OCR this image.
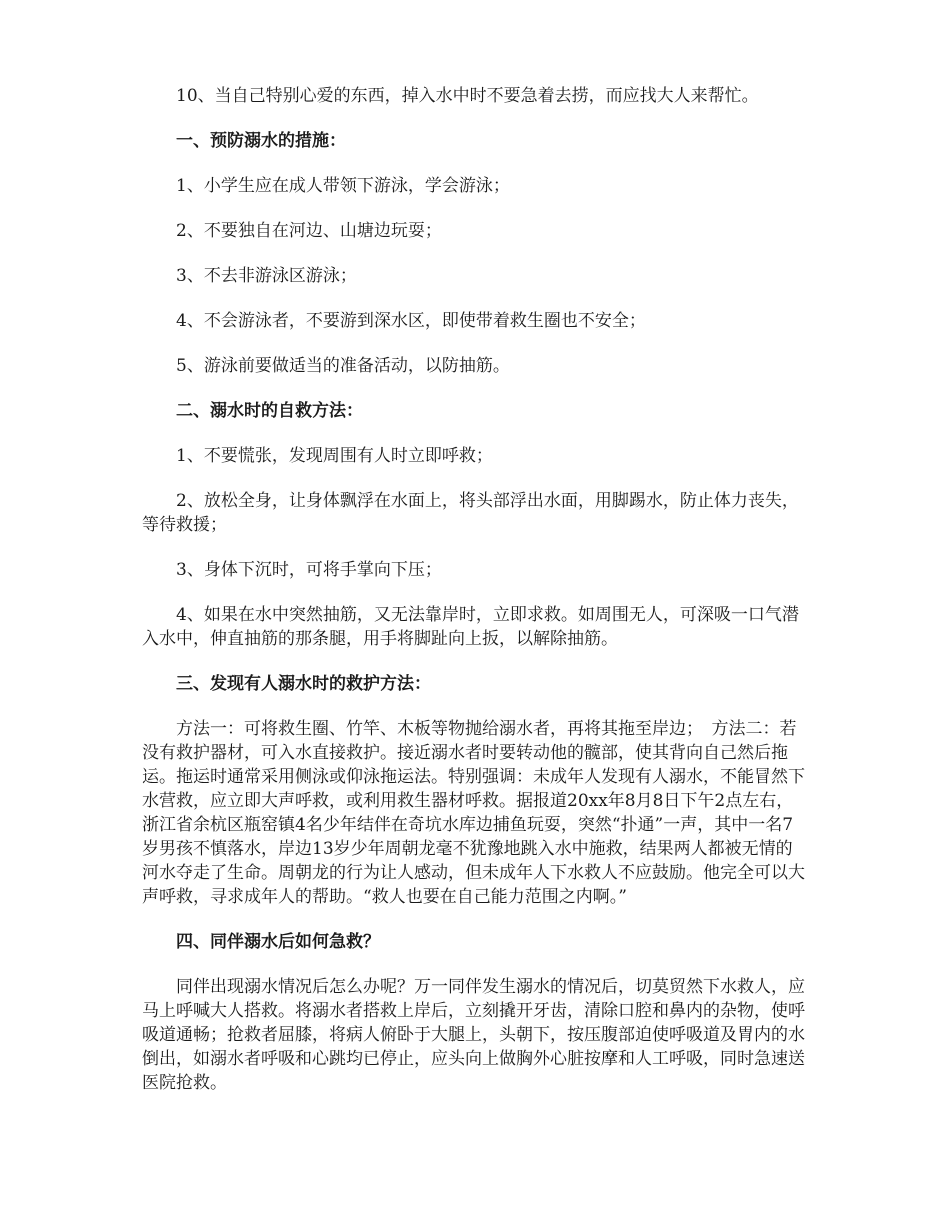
10、当自己特别心爱的东西，掉入水中时不要急着去捞，而应找大人来帮忙。

一、预防溺水的措施：

1、小学生应在成人带领下游泳，学会游泳；

2、不要独自在河边、山塘边玩耍；

3、不去非游泳区游泳；

4、不会游泳者，不要游到深水区，即使带着救生圈也不安全；

5、游泳前要做适当的准备活动，以防抽筋。

二、溺水时的自救方法：

1、不要慌张，发现周围有人时立即呼救；

2、放松全身，让身体飘浮在水面上，将头部浮出水面，用脚踢水，防止体力丧失，等待救援；

3、身体下沉时，可将手掌向下压；

4、如果在水中突然抽筋，又无法靠岸时，立即求救。如周围无人，可深吸一口气潜入水中，伸直抽筋的那条腿，用手将脚趾向上扳，以解除抽筋。

三、发现有人溺水时的救护方法：

方法一：可将救生圈、竹竿、木板等物抛给溺水者，再将其拖至岸边；　方法二：若没有救护器材，可入水直接救护。接近溺水者时要转动他的髋部，使其背向自己然后拖运。拖运时通常采用侧泳或仰泳拖运法。特别强调：未成年人发现有人溺水，不能冒然下水营救，应立即大声呼救，或利用救生器材呼救。据报道20xx年8月8日下午2点左右，浙江省余杭区瓶窑镇4名少年结伴在奇坑水库边捕鱼玩耍，突然“扑通”一声，其中一名7岁男孩不慎落水，岸边13岁少年周朝龙毫不犹豫地跳入水中施救，结果两人都被无情的河水夺走了生命。周朝龙的行为让人感动，但未成年人下水救人不应鼓励。他完全可以大声呼救，寻求成年人的帮助。“救人也要在自己能力范围之内啊。”

四、同伴溺水后如何急救？

同伴出现溺水情况后怎么办呢？万一同伴发生溺水的情况后，切莫贸然下水救人，应马上呼喊大人搭救。将溺水者搭救上岸后，立刻撬开牙齿，清除口腔和鼻内的杂物，使呼吸道通畅；抢救者屈膝，将病人俯卧于大腿上，头朝下，按压腹部迫使呼吸道及胃内的水倒出，如溺水者呼吸和心跳均已停止，应头向上做胸外心脏按摩和人工呼吸，同时急速送医院抢救。
